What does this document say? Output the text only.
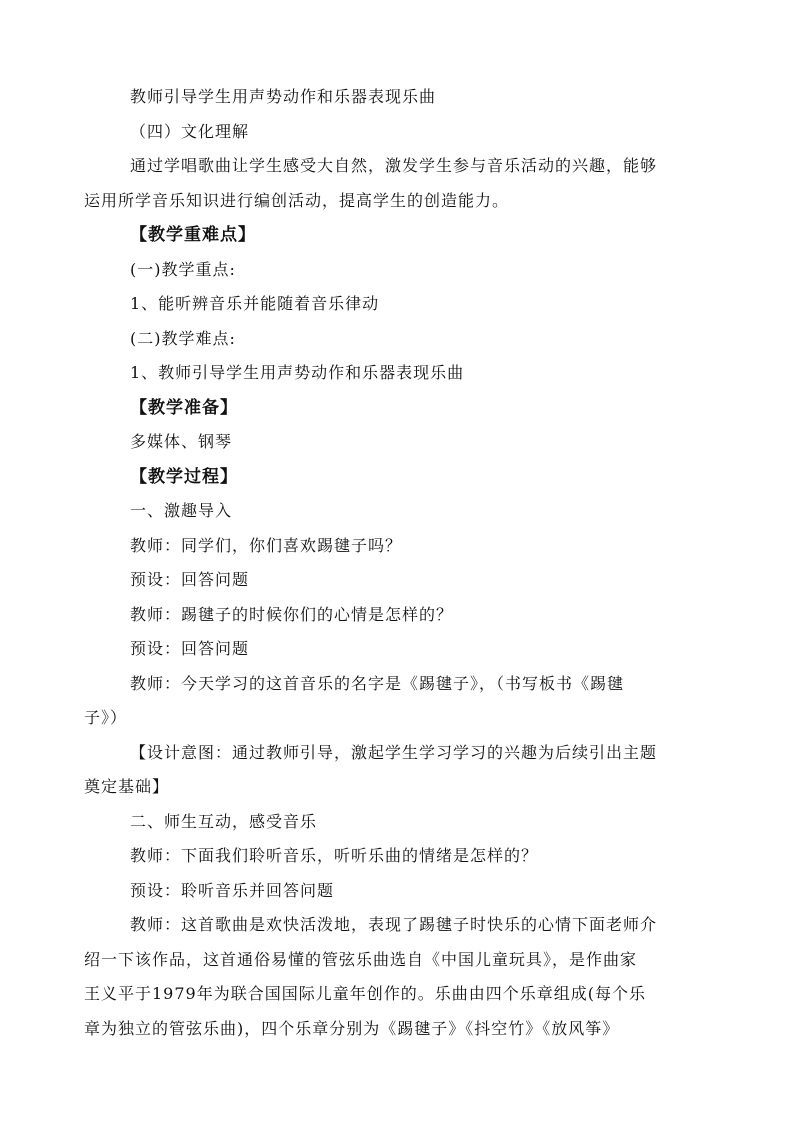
教师引导学生用声势动作和乐器表现乐曲
（四）文化理解
通过学唱歌曲让学生感受大自然，激发学生参与音乐活动的兴趣，能够
运用所学音乐知识进行编创活动，提高学生的创造能力。
【教学重难点】
(一)教学重点:
1、能听辨音乐并能随着音乐律动
(二)教学难点:
1、教师引导学生用声势动作和乐器表现乐曲
【教学准备】
多媒体、钢琴
【教学过程】
一、激趣导入
教师：同学们，你们喜欢踢毽子吗？
预设：回答问题
教师：踢毽子的时候你们的心情是怎样的？
预设：回答问题
教师：今天学习的这首音乐的名字是《踢毽子》，（书写板书《踢毽
子》）
【设计意图：通过教师引导，激起学生学习学习的兴趣为后续引出主题
奠定基础】
二、师生互动，感受音乐
教师：下面我们聆听音乐，听听乐曲的情绪是怎样的？
预设：聆听音乐并回答问题
教师：这首歌曲是欢快活泼地，表现了踢毽子时快乐的心情下面老师介
绍一下该作品，这首通俗易懂的管弦乐曲选自《中国儿童玩具》，是作曲家
王义平于1979年为联合国国际儿童年创作的。乐曲由四个乐章组成(每个乐
章为独立的管弦乐曲)，四个乐章分别为《踢毽子》《抖空竹》《放风筝》
